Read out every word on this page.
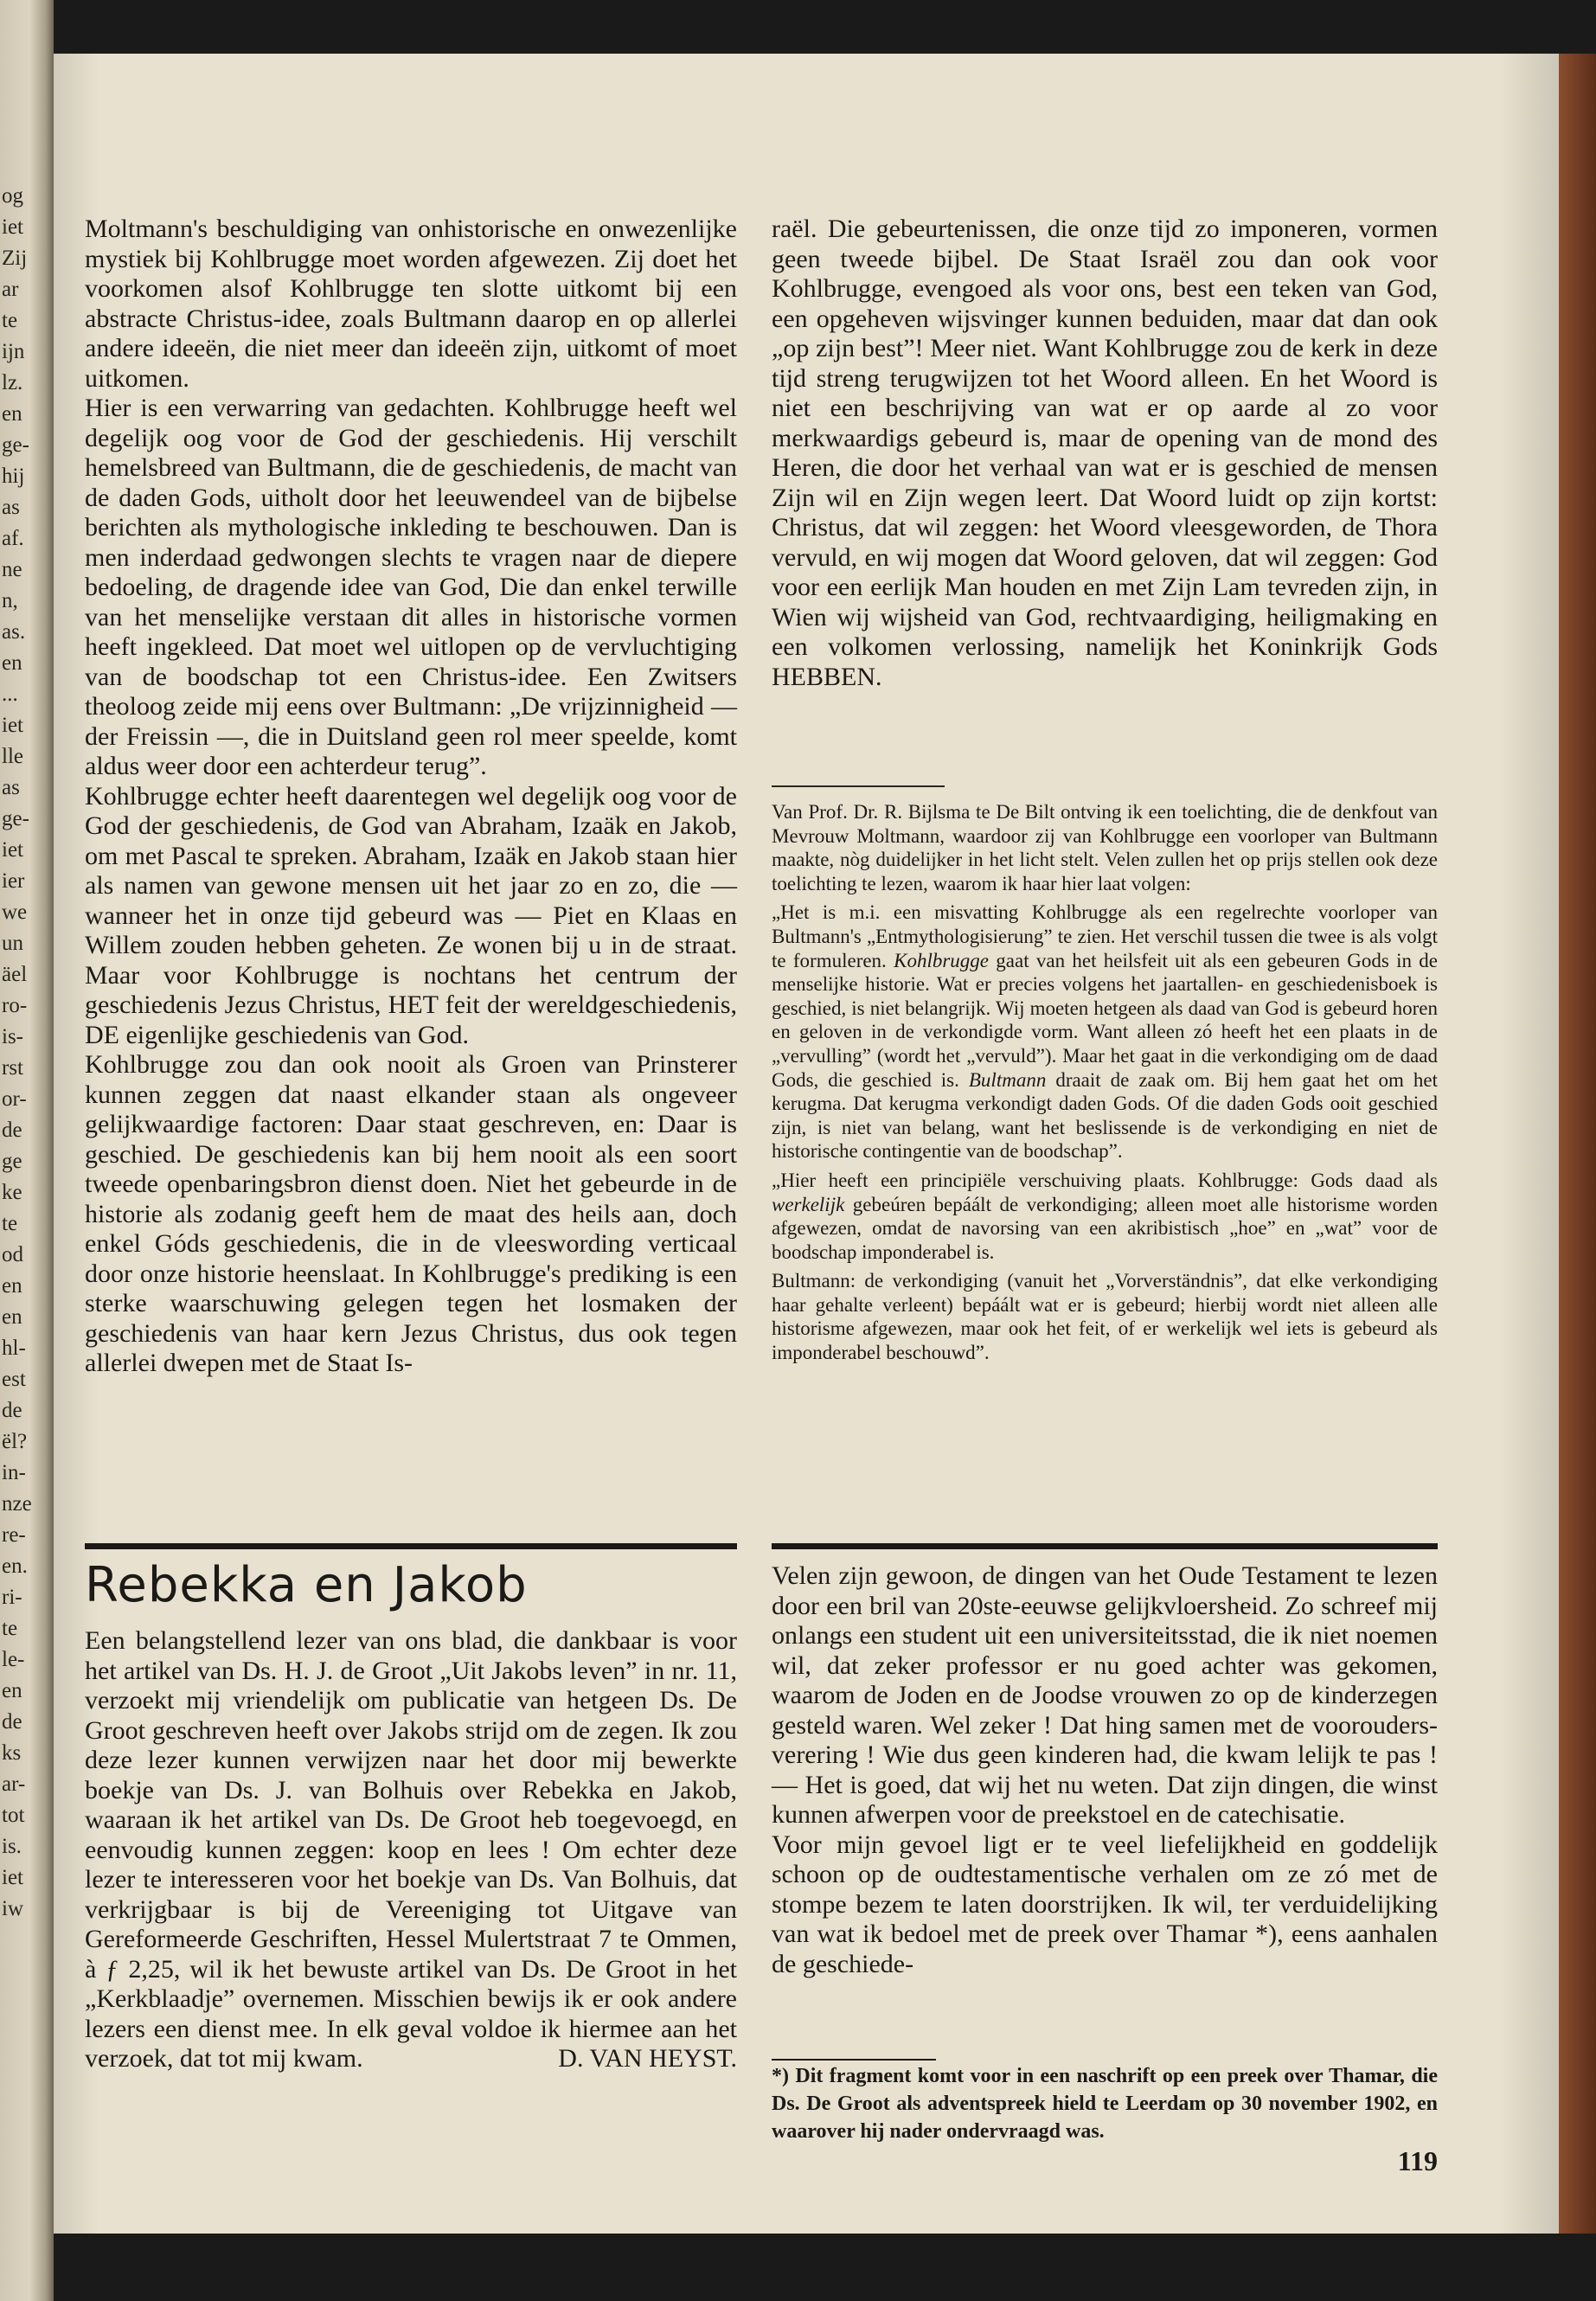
og
iet
Zij
ar
te
ijn
lz.
en
ge-
hij
as
af.
ne
n,
as.
en
...
iet
lle
as
ge-
iet
ier
we
un
äel
ro-
is-
rst
or-
de
ge
ke
te
od
en
en
hl-
est
de
ël?
in-
nze
re-
en.
ri-
te
le-
en
de
ks
ar-
tot
is.
iet
iw

Moltmann's beschuldiging van onhistorische en onwezenlijke mystiek bij Kohlbrugge moet worden afgewezen. Zij doet het voorkomen alsof Kohlbrugge ten slotte uitkomt bij een abstracte Christus-idee, zoals Bultmann daarop en op allerlei andere ideeën, die niet meer dan ideeën zijn, uitkomt of moet uitkomen.

Hier is een verwarring van gedachten. Kohlbrugge heeft wel degelijk oog voor de God der geschiedenis. Hij verschilt hemelsbreed van Bultmann, die de geschiedenis, de macht van de daden Gods, uitholt door het leeuwendeel van de bijbelse berichten als mythologische inkleding te beschouwen. Dan is men inderdaad gedwongen slechts te vragen naar de diepere bedoeling, de dragende idee van God, Die dan enkel terwille van het menselijke verstaan dit alles in historische vormen heeft ingekleed. Dat moet wel uitlopen op de vervluchtiging van de boodschap tot een Christus-idee. Een Zwitsers theoloog zeide mij eens over Bultmann: „De vrijzinnigheid — der Freissin —, die in Duitsland geen rol meer speelde, komt aldus weer door een achterdeur terug”.

Kohlbrugge echter heeft daarentegen wel degelijk oog voor de God der geschiedenis, de God van Abraham, Izaäk en Jakob, om met Pascal te spreken. Abraham, Izaäk en Jakob staan hier als namen van gewone mensen uit het jaar zo en zo, die — wanneer het in onze tijd gebeurd was — Piet en Klaas en Willem zouden hebben geheten. Ze wonen bij u in de straat. Maar voor Kohlbrugge is nochtans het centrum der geschiedenis Jezus Christus, HET feit der wereldgeschiedenis, DE eigenlijke geschiedenis van God.

Kohlbrugge zou dan ook nooit als Groen van Prinsterer kunnen zeggen dat naast elkander staan als ongeveer gelijkwaardige factoren: Daar staat geschreven, en: Daar is geschied. De geschiedenis kan bij hem nooit als een soort tweede openbaringsbron dienst doen. Niet het gebeurde in de historie als zodanig geeft hem de maat des heils aan, doch enkel Góds geschiedenis, die in de vleeswording verticaal door onze historie heenslaat. In Kohlbrugge's prediking is een sterke waarschuwing gelegen tegen het losmaken der geschiedenis van haar kern Jezus Christus, dus ook tegen allerlei dwepen met de Staat Is-

raël. Die gebeurtenissen, die onze tijd zo imponeren, vormen geen tweede bijbel. De Staat Israël zou dan ook voor Kohlbrugge, evengoed als voor ons, best een teken van God, een opgeheven wijsvinger kunnen beduiden, maar dat dan ook „op zijn best”! Meer niet. Want Kohlbrugge zou de kerk in deze tijd streng terugwijzen tot het Woord alleen. En het Woord is niet een beschrijving van wat er op aarde al zo voor merkwaardigs gebeurd is, maar de opening van de mond des Heren, die door het verhaal van wat er is geschied de mensen Zijn wil en Zijn wegen leert. Dat Woord luidt op zijn kortst: Christus, dat wil zeggen: het Woord vleesgeworden, de Thora vervuld, en wij mogen dat Woord geloven, dat wil zeggen: God voor een eerlijk Man houden en met Zijn Lam tevreden zijn, in Wien wij wijsheid van God, rechtvaardiging, heiligmaking en een volkomen verlossing, namelijk het Koninkrijk Gods HEBBEN.

Van Prof. Dr. R. Bijlsma te De Bilt ontving ik een toelichting, die de denkfout van Mevrouw Moltmann, waardoor zij van Kohlbrugge een voorloper van Bultmann maakte, nòg duidelijker in het licht stelt. Velen zullen het op prijs stellen ook deze toelichting te lezen, waarom ik haar hier laat volgen:

„Het is m.i. een misvatting Kohlbrugge als een regelrechte voorloper van Bultmann's „Entmythologisierung” te zien. Het verschil tussen die twee is als volgt te formuleren. Kohlbrugge gaat van het heilsfeit uit als een gebeuren Gods in de menselijke historie. Wat er precies volgens het jaartallen- en geschiedenisboek is geschied, is niet belangrijk. Wij moeten hetgeen als daad van God is gebeurd horen en geloven in de verkondigde vorm. Want alleen zó heeft het een plaats in de „vervulling” (wordt het „vervuld”). Maar het gaat in die verkondiging om de daad Gods, die geschied is. Bultmann draait de zaak om. Bij hem gaat het om het kerugma. Dat kerugma verkondigt daden Gods. Of die daden Gods ooit geschied zijn, is niet van belang, want het beslissende is de verkondiging en niet de historische contingentie van de boodschap”.

„Hier heeft een principiële verschuiving plaats. Kohlbrugge: Gods daad als werkelijk gebeúren bepáált de verkondiging; alleen moet alle historisme worden afgewezen, omdat de navorsing van een akribistisch „hoe” en „wat” voor de boodschap imponderabel is.

Bultmann: de verkondiging (vanuit het „Vorverständnis”, dat elke verkondiging haar gehalte verleent) bepáált wat er is gebeurd; hierbij wordt niet alleen alle historisme afgewezen, maar ook het feit, of er werkelijk wel iets is gebeurd als imponderabel beschouwd”.

Rebekka en Jakob

Een belangstellend lezer van ons blad, die dankbaar is voor het artikel van Ds. H. J. de Groot „Uit Jakobs leven” in nr. 11, verzoekt mij vriendelijk om publicatie van hetgeen Ds. De Groot geschreven heeft over Jakobs strijd om de zegen. Ik zou deze lezer kunnen verwijzen naar het door mij bewerkte boekje van Ds. J. van Bolhuis over Rebekka en Jakob, waaraan ik het artikel van Ds. De Groot heb toegevoegd, en eenvoudig kunnen zeggen: koop en lees ! Om echter deze lezer te interesseren voor het boekje van Ds. Van Bolhuis, dat verkrijgbaar is bij de Vereeniging tot Uitgave van Gereformeerde Geschriften, Hessel Mulertstraat 7 te Ommen, à ƒ 2,25, wil ik het bewuste artikel van Ds. De Groot in het „Kerkblaadje” overnemen. Misschien bewijs ik er ook andere lezers een dienst mee. In elk geval voldoe ik hiermee aan het verzoek, dat tot mij kwam.	D. VAN HEYST.

Velen zijn gewoon, de dingen van het Oude Testament te lezen door een bril van 20ste-eeuwse gelijkvloersheid. Zo schreef mij onlangs een student uit een universiteitsstad, die ik niet noemen wil, dat zeker professor er nu goed achter was gekomen, waarom de Joden en de Joodse vrouwen zo op de kinderzegen gesteld waren. Wel zeker ! Dat hing samen met de voorouders-verering ! Wie dus geen kinderen had, die kwam lelijk te pas ! — Het is goed, dat wij het nu weten. Dat zijn dingen, die winst kunnen afwerpen voor de preekstoel en de catechisatie.

Voor mijn gevoel ligt er te veel liefelijkheid en goddelijk schoon op de oudtestamentische verhalen om ze zó met de stompe bezem te laten doorstrijken. Ik wil, ter verduidelijking van wat ik bedoel met de preek over Thamar *), eens aanhalen de geschiede-

*) Dit fragment komt voor in een naschrift op een preek over Thamar, die Ds. De Groot als adventspreek hield te Leerdam op 30 november 1902, en waarover hij nader ondervraagd was.
119
